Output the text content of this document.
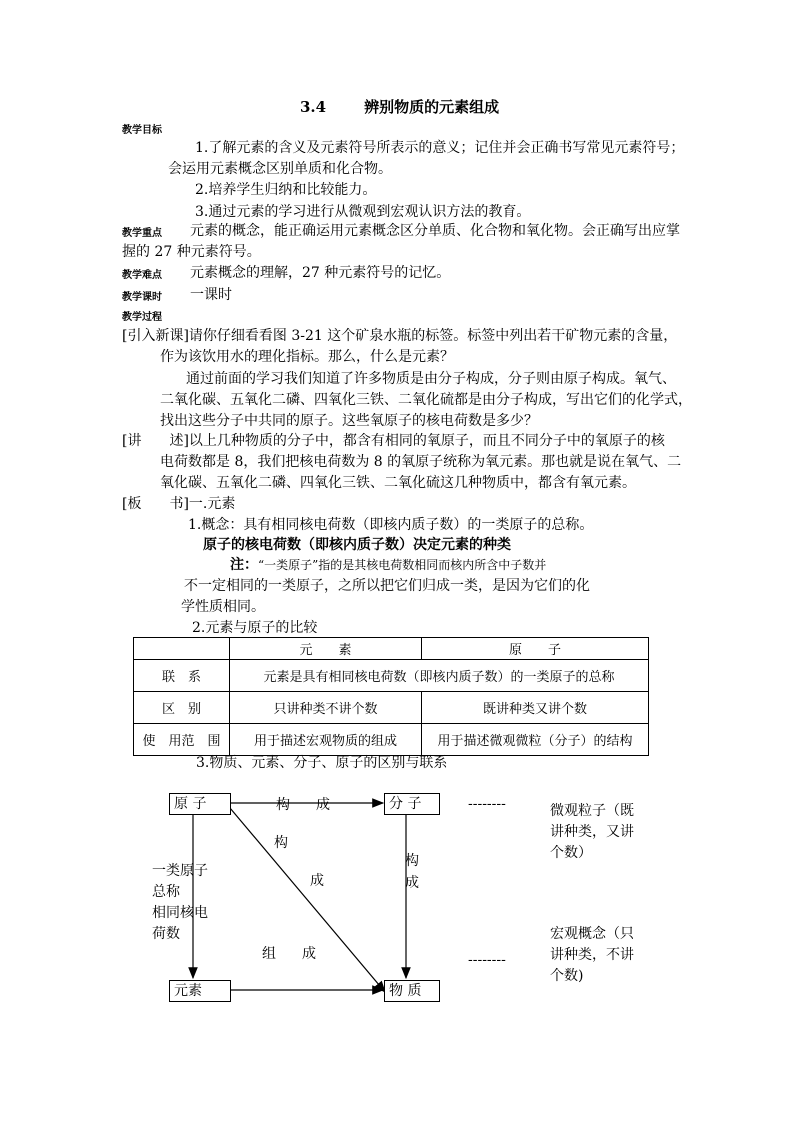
3.4	辨别物质的元素组成
教学目标
1.了解元素的含义及元素符号所表示的意义；记住并会正确书写常见元素符号；
会运用元素概念区别单质和化合物。
2.培养学生归纳和比较能力。
3.通过元素的学习进行从微观到宏观认识方法的教育。
教学重点 元素的概念，能正确运用元素概念区分单质、化合物和氧化物。会正确写出应掌
握的 27 种元素符号。
教学难点 元素概念的理解，27 种元素符号的记忆。
教学课时 一课时
教学过程
[引入新课]请你仔细看看图 3-21 这个矿泉水瓶的标签。标签中列出若干矿物元素的含量，
作为该饮用水的理化指标。那么，什么是元素？
通过前面的学习我们知道了许多物质是由分子构成，分子则由原子构成。氧气、
二氧化碳、五氧化二磷、四氧化三铁、二氧化硫都是由分子构成，写出它们的化学式，
找出这些分子中共同的原子。这些氧原子的核电荷数是多少？
[讲　　述]以上几种物质的分子中，都含有相同的氧原子，而且不同分子中的氧原子的核
电荷数都是 8，我们把核电荷数为 8 的氧原子统称为氧元素。那也就是说在氧气、二
氧化碳、五氧化二磷、四氧化三铁、二氧化硫这几种物质中，都含有氧元素。
[板　　书]一.元素
1.概念：具有相同核电荷数（即核内质子数）的一类原子的总称。
原子的核电荷数（即核内质子数）决定元素的种类
注：“一类原子”指的是其核电荷数相同而核内所含中子数并
不一定相同的一类原子，之所以把它们归成一类，是因为它们的化
学性质相同。
2.元素与原子的比较
	元　　素	原　　子
联　系	元素是具有相同核电荷数（即核内质子数）的一类原子的总称	
区　别	只讲种类不讲个数	既讲种类又讲个数
使　用范　围	用于描述宏观物质的组成	用于描述微观微粒（分子）的结构
3.物质、元素、分子、原子的区别与联系
原 子	分 子
元素	物 质
构 成
构
成
构
成
组 成
一类原子
总称
相同核电
荷数
--------	微观粒子（既
讲种类，又讲
个数）
--------
宏观概念（只
讲种类，不讲
个数)
